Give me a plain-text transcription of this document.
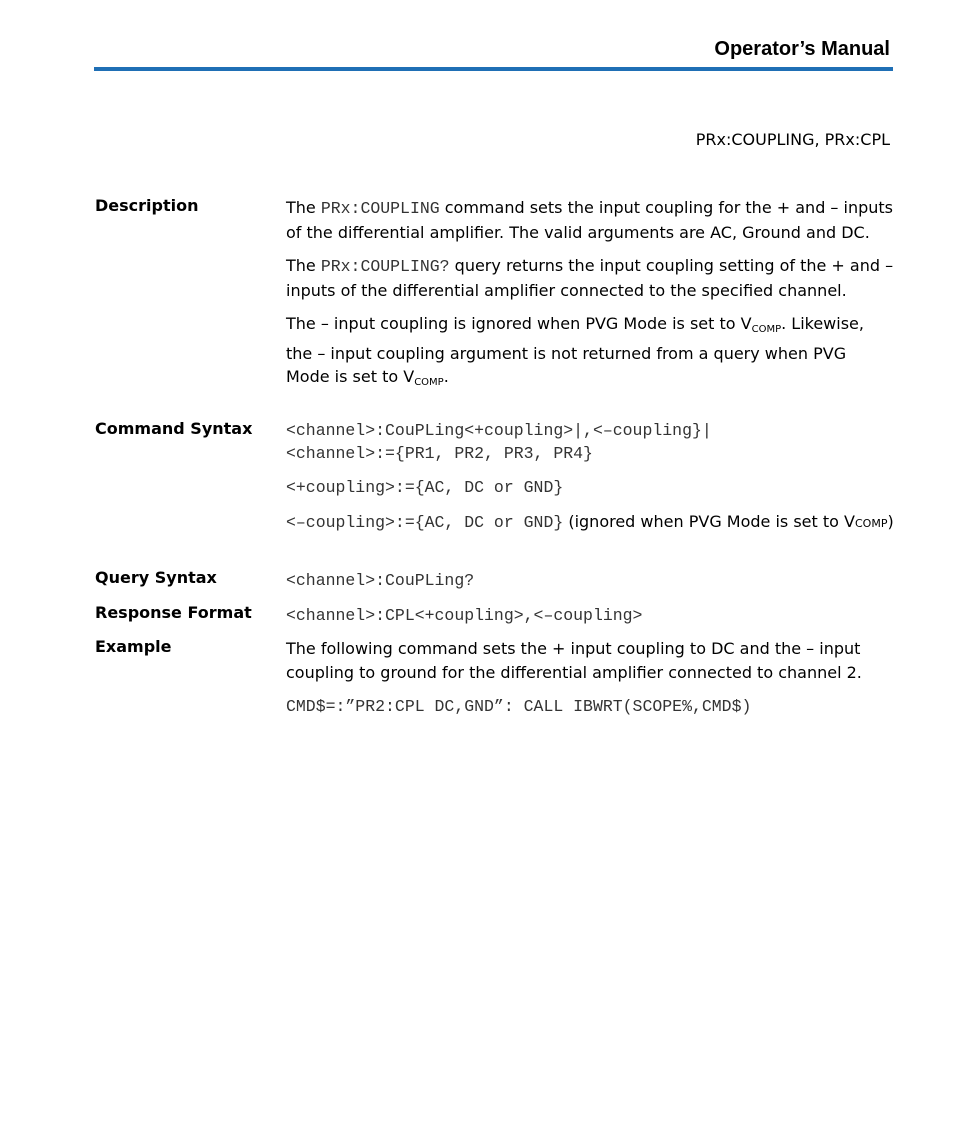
Operator’s Manual
PRx:COUPLING, PRx:CPL
Description	The PRx:COUPLING command sets the input coupling for the + and – inputs of the differential amplifier. The valid arguments are AC, Ground and DC.

The PRx:COUPLING? query returns the input coupling setting of the + and – inputs of the differential amplifier connected to the specified channel.

The – input coupling is ignored when PVG Mode is set to $V_{COMP}$. Likewise, the – input coupling argument is not returned from a query when PVG Mode is set to $V_{COMP}$.

Command Syntax <channel>:CouPLing<+coupling>|,<–coupling}|
<channel>:={PR1, PR2, PR3, PR4}

<+coupling>:={AC, DC or GND}

<–coupling>:={AC, DC or GND} (ignored when PVG Mode is set to VCOMP)

Query Syntax	<channel>:CouPLing?
Response Format <channel>:CPL<+coupling>,<–coupling>
Example	The following command sets the + input coupling to DC and the – input coupling to ground for the differential amplifier connected to channel 2.

CMD$=:”PR2:CPL DC,GND”: CALL IBWRT(SCOPE%,CMD$)
